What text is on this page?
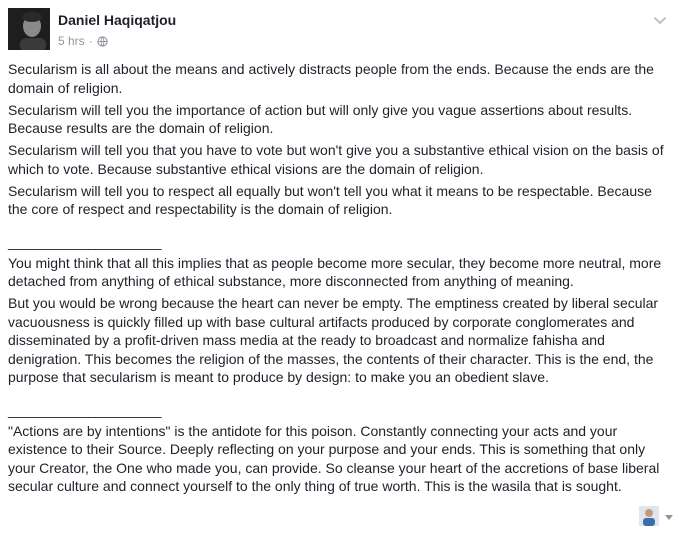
Daniel Haqiqatjou
5 hrs ·

Secularism is all about the means and actively distracts people from the ends. Because the ends are the domain of religion.

Secularism will tell you the importance of action but will only give you vague assertions about results. Because results are the domain of religion.

Secularism will tell you that you have to vote but won't give you a substantive ethical vision on the basis of which to vote. Because substantive ethical visions are the domain of religion.

Secularism will tell you to respect all equally but won't tell you what it means to be respectable. Because the core of respect and respectability is the domain of religion.

_____________________

You might think that all this implies that as people become more secular, they become more neutral, more detached from anything of ethical substance, more disconnected from anything of meaning.

But you would be wrong because the heart can never be empty. The emptiness created by liberal secular vacuousness is quickly filled up with base cultural artifacts produced by corporate conglomerates and disseminated by a profit-driven mass media at the ready to broadcast and normalize fahisha and denigration. This becomes the religion of the masses, the contents of their character. This is the end, the purpose that secularism is meant to produce by design: to make you an obedient slave.

_____________________

"Actions are by intentions" is the antidote for this poison. Constantly connecting your acts and your existence to their Source. Deeply reflecting on your purpose and your ends. This is something that only your Creator, the One who made you, can provide. So cleanse your heart of the accretions of base liberal secular culture and connect yourself to the only thing of true worth. This is the wasila that is sought.
